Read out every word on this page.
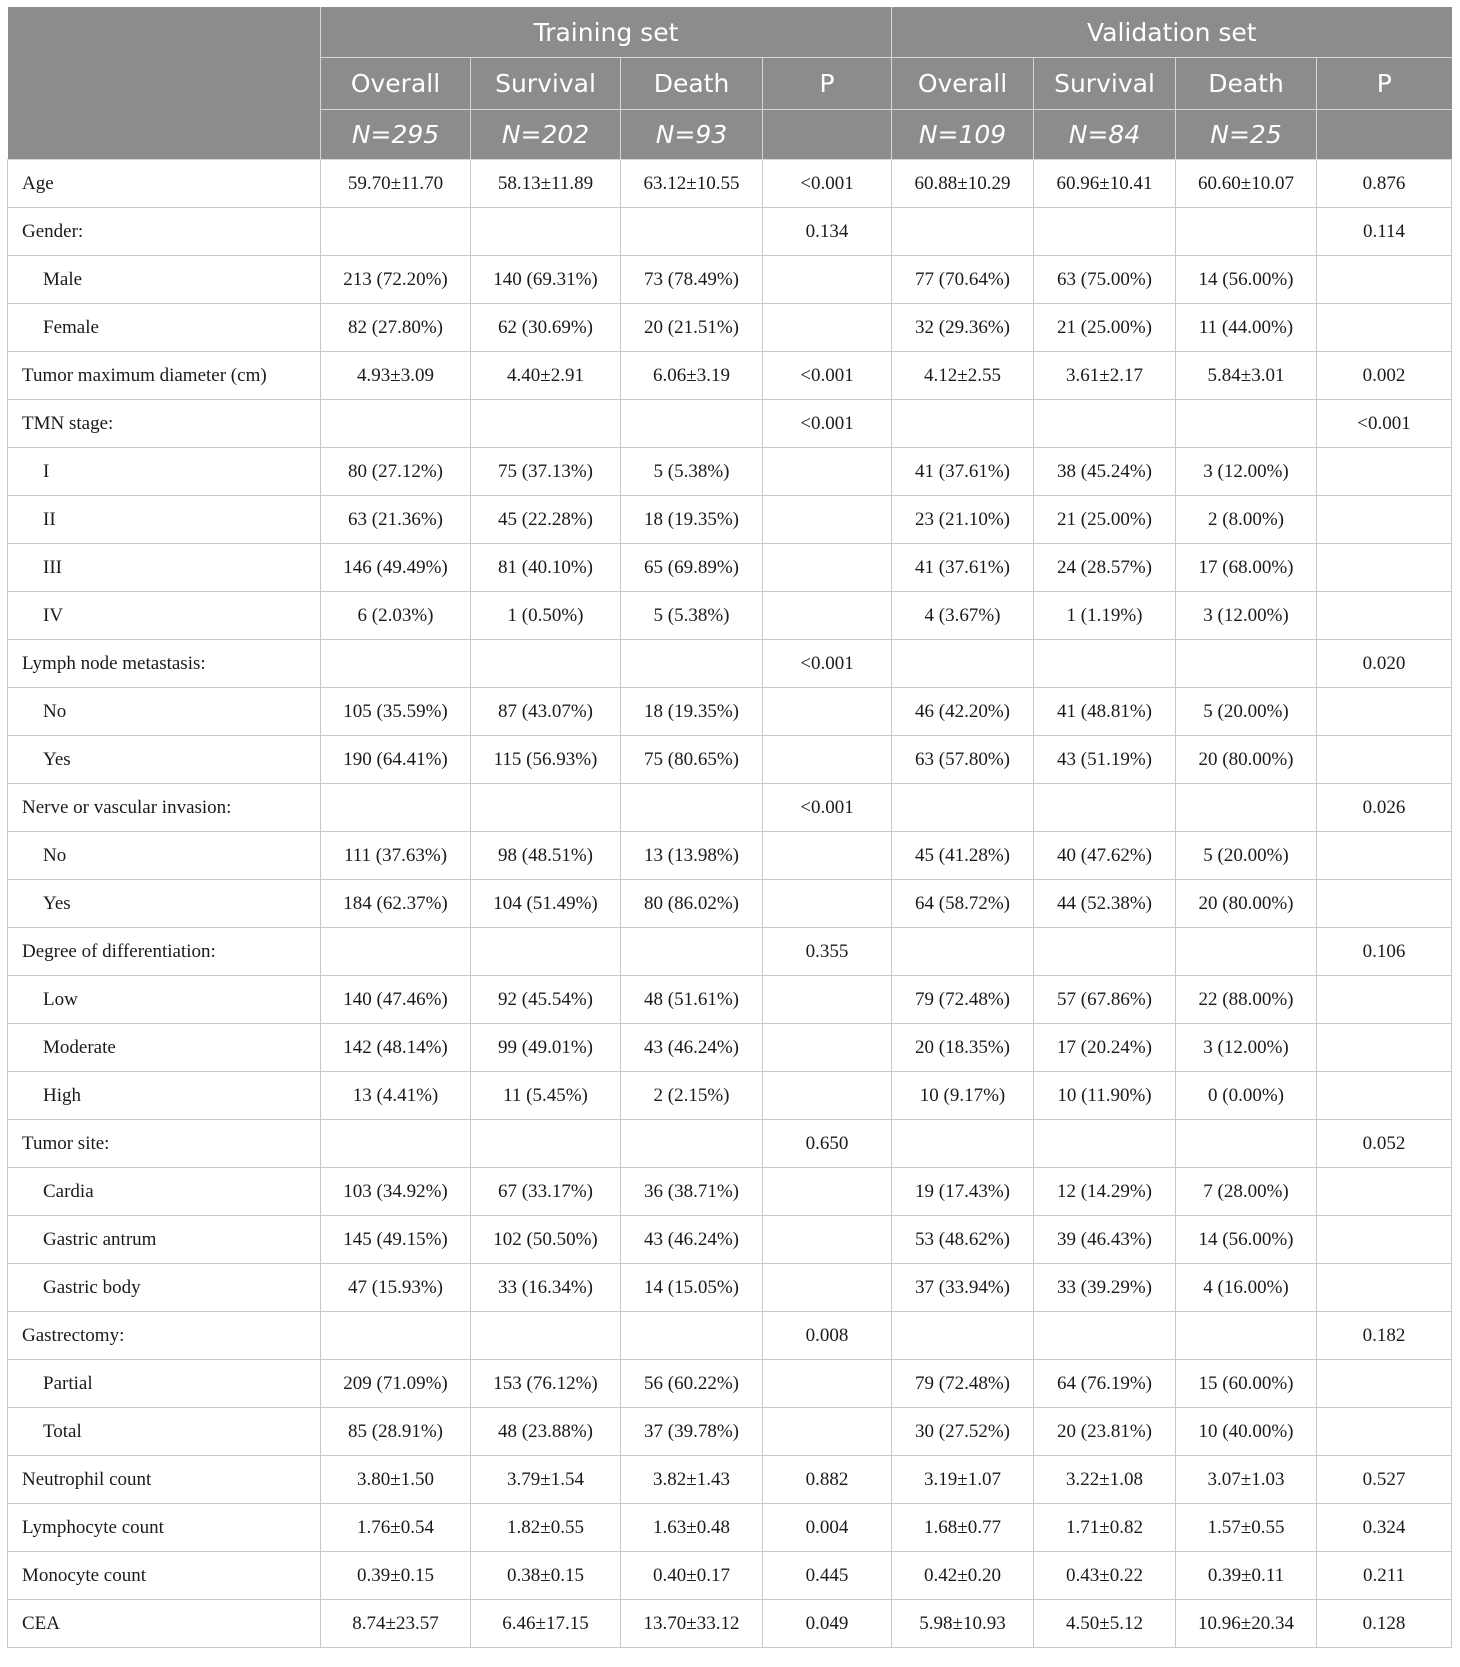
	Training set				Validation set			
	Overall	Survival	Death	P	Overall	Survival	Death	P
	N=295	N=202	N=93		N=109	N=84	N=25	
Age	59.70±11.70	58.13±11.89	63.12±10.55	<0.001	60.88±10.29	60.96±10.41	60.60±10.07	0.876
Gender:				0.134				0.114
Male	213 (72.20%)	140 (69.31%)	73 (78.49%)		77 (70.64%)	63 (75.00%)	14 (56.00%)	
Female	82 (27.80%)	62 (30.69%)	20 (21.51%)		32 (29.36%)	21 (25.00%)	11 (44.00%)	
Tumor maximum diameter (cm)	4.93±3.09	4.40±2.91	6.06±3.19	<0.001	4.12±2.55	3.61±2.17	5.84±3.01	0.002
TMN stage:				<0.001				<0.001
I	80 (27.12%)	75 (37.13%)	5 (5.38%)		41 (37.61%)	38 (45.24%)	3 (12.00%)	
II	63 (21.36%)	45 (22.28%)	18 (19.35%)		23 (21.10%)	21 (25.00%)	2 (8.00%)	
III	146 (49.49%)	81 (40.10%)	65 (69.89%)		41 (37.61%)	24 (28.57%)	17 (68.00%)	
IV	6 (2.03%)	1 (0.50%)	5 (5.38%)		4 (3.67%)	1 (1.19%)	3 (12.00%)	
Lymph node metastasis:				<0.001				0.020
No	105 (35.59%)	87 (43.07%)	18 (19.35%)		46 (42.20%)	41 (48.81%)	5 (20.00%)	
Yes	190 (64.41%)	115 (56.93%)	75 (80.65%)		63 (57.80%)	43 (51.19%)	20 (80.00%)	
Nerve or vascular invasion:				<0.001				0.026
No	111 (37.63%)	98 (48.51%)	13 (13.98%)		45 (41.28%)	40 (47.62%)	5 (20.00%)	
Yes	184 (62.37%)	104 (51.49%)	80 (86.02%)		64 (58.72%)	44 (52.38%)	20 (80.00%)	
Degree of differentiation:				0.355				0.106
Low	140 (47.46%)	92 (45.54%)	48 (51.61%)		79 (72.48%)	57 (67.86%)	22 (88.00%)	
Moderate	142 (48.14%)	99 (49.01%)	43 (46.24%)		20 (18.35%)	17 (20.24%)	3 (12.00%)	
High	13 (4.41%)	11 (5.45%)	2 (2.15%)		10 (9.17%)	10 (11.90%)	0 (0.00%)	
Tumor site:				0.650				0.052
Cardia	103 (34.92%)	67 (33.17%)	36 (38.71%)		19 (17.43%)	12 (14.29%)	7 (28.00%)	
Gastric antrum	145 (49.15%)	102 (50.50%)	43 (46.24%)		53 (48.62%)	39 (46.43%)	14 (56.00%)	
Gastric body	47 (15.93%)	33 (16.34%)	14 (15.05%)		37 (33.94%)	33 (39.29%)	4 (16.00%)	
Gastrectomy:				0.008				0.182
Partial	209 (71.09%)	153 (76.12%)	56 (60.22%)		79 (72.48%)	64 (76.19%)	15 (60.00%)	
Total	85 (28.91%)	48 (23.88%)	37 (39.78%)		30 (27.52%)	20 (23.81%)	10 (40.00%)	
Neutrophil count	3.80±1.50	3.79±1.54	3.82±1.43	0.882	3.19±1.07	3.22±1.08	3.07±1.03	0.527
Lymphocyte count	1.76±0.54	1.82±0.55	1.63±0.48	0.004	1.68±0.77	1.71±0.82	1.57±0.55	0.324
Monocyte count	0.39±0.15	0.38±0.15	0.40±0.17	0.445	0.42±0.20	0.43±0.22	0.39±0.11	0.211
CEA	8.74±23.57	6.46±17.15	13.70±33.12	0.049	5.98±10.93	4.50±5.12	10.96±20.34	0.128
